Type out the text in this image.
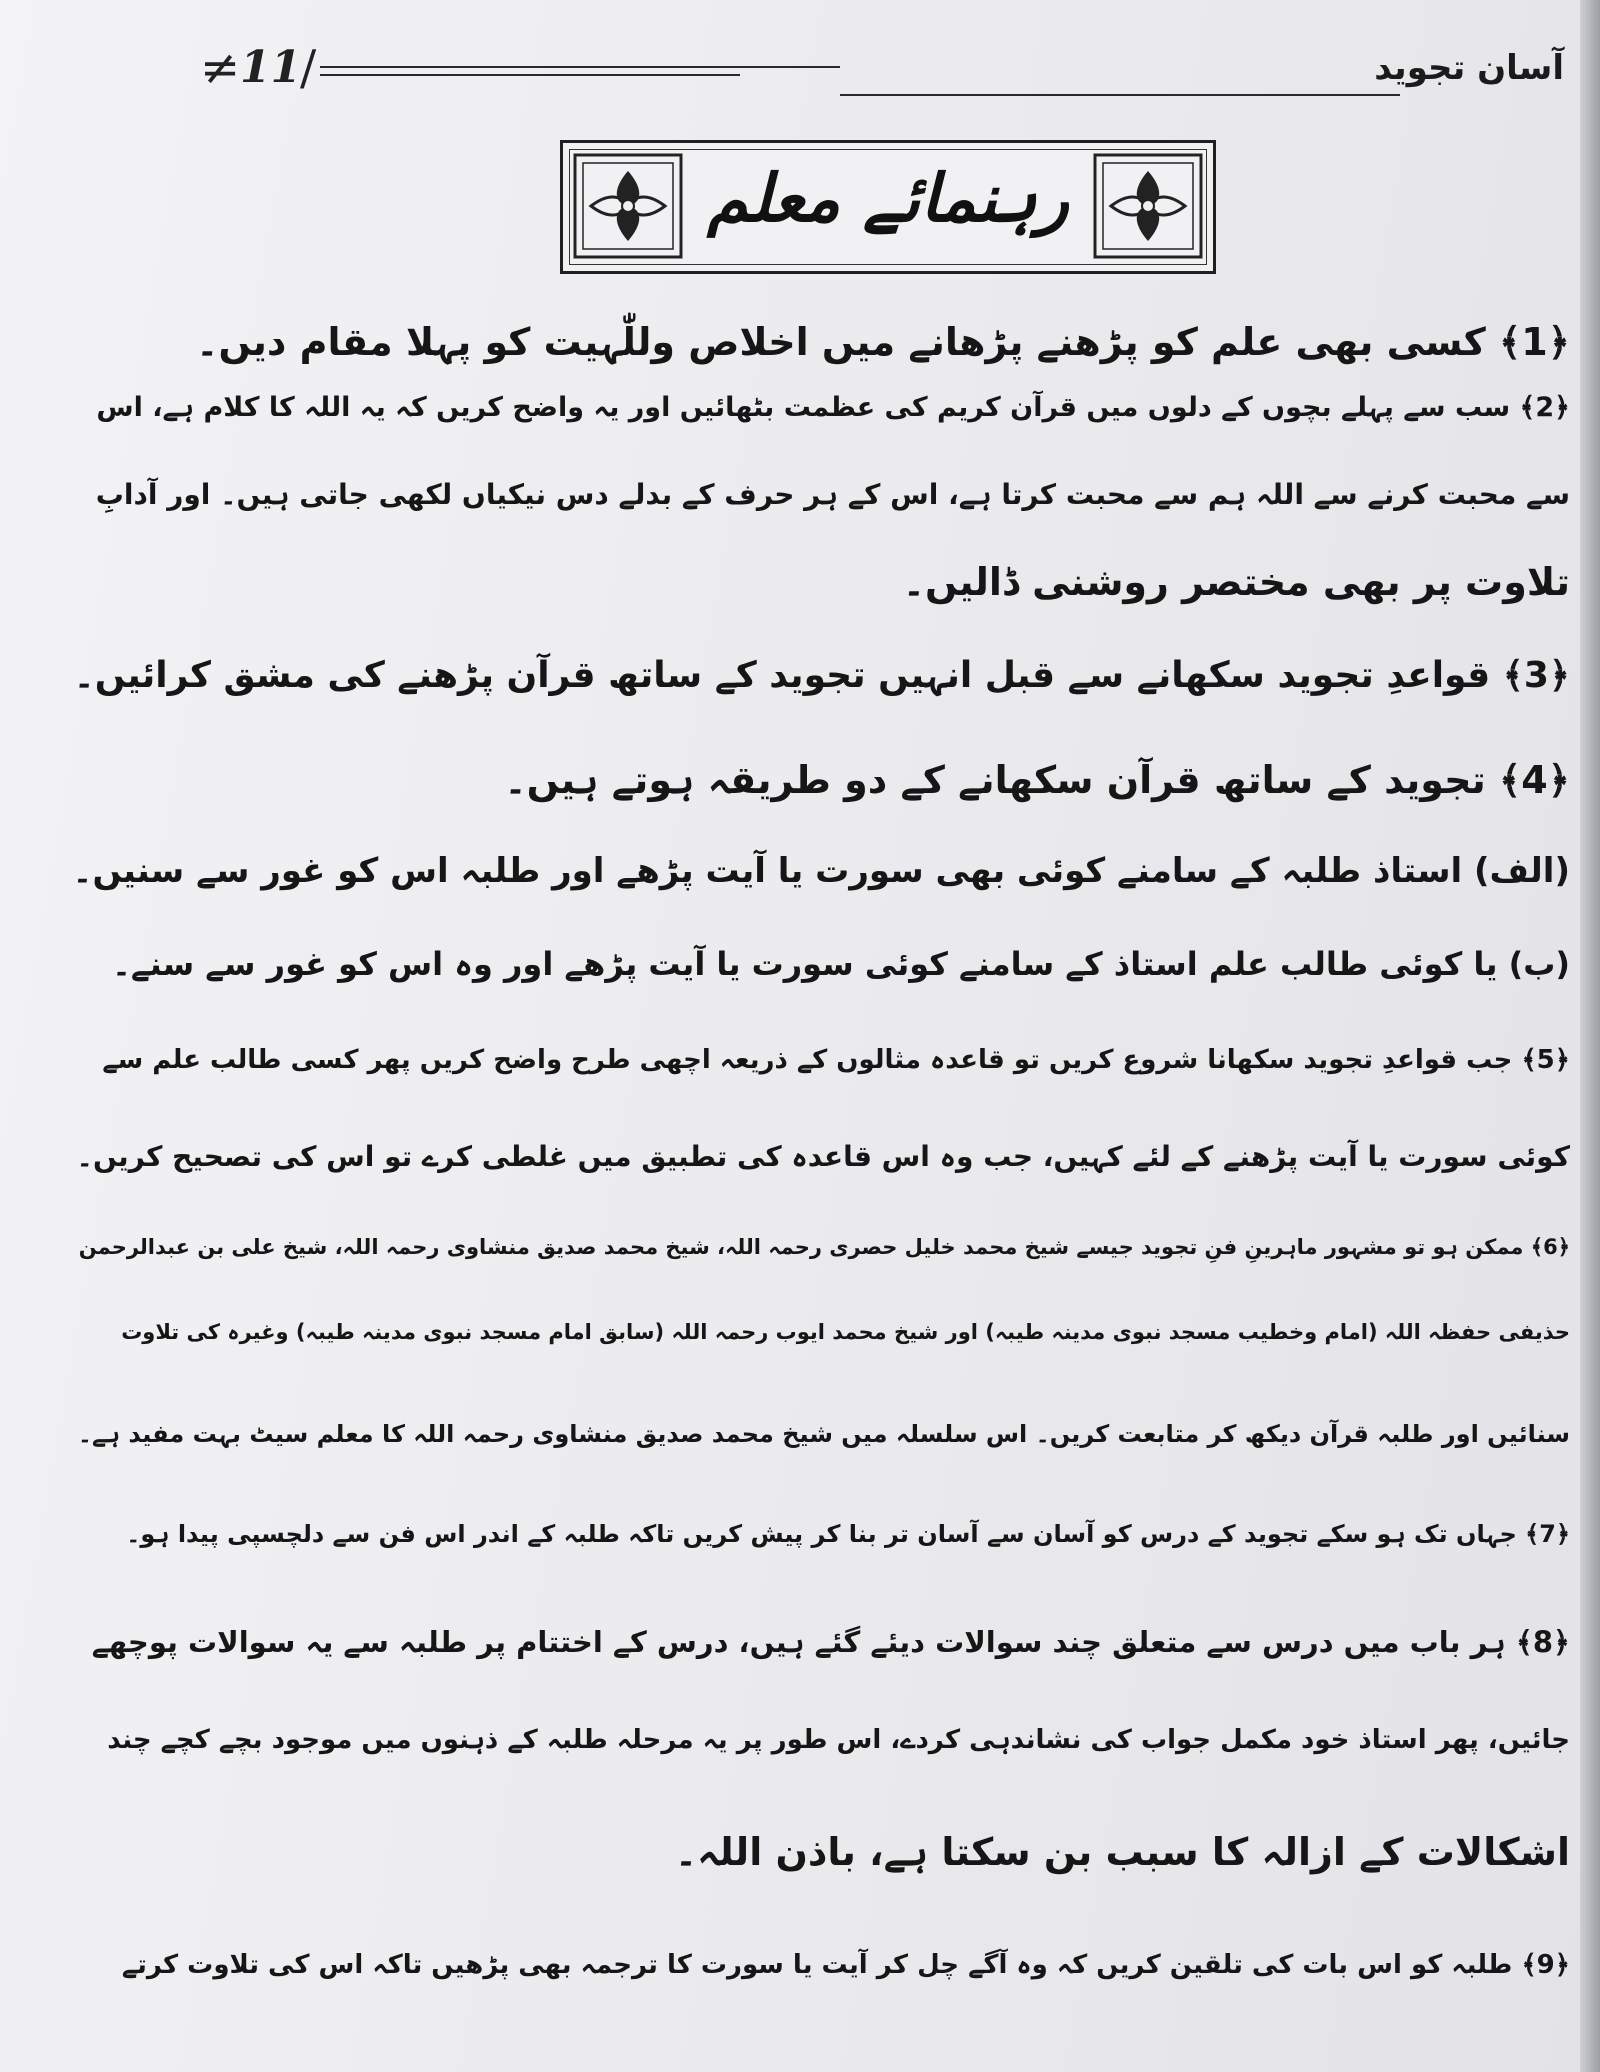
≠ 11
/	آسان تجوید
رہنمائے معلم
﴿1﴾ کسی بھی علم کو پڑھنے پڑھانے میں اخلاص وللّٰہیت کو پہلا مقام دیں۔
﴿2﴾ سب سے پہلے بچوں کے دلوں میں قرآن کریم کی عظمت بٹھائیں اور یہ واضح کریں کہ یہ اللہ کا کلام ہے، اس
سے محبت کرنے سے اللہ ہم سے محبت کرتا ہے، اس کے ہر حرف کے بدلے دس نیکیاں لکھی جاتی ہیں۔ اور آدابِ
تلاوت پر بھی مختصر روشنی ڈالیں۔
﴿3﴾ قواعدِ تجوید سکھانے سے قبل انہیں تجوید کے ساتھ قرآن پڑھنے کی مشق کرائیں۔
﴿4﴾ تجوید کے ساتھ قرآن سکھانے کے دو طریقہ ہوتے ہیں۔
(الف) استاذ طلبہ کے سامنے کوئی بھی سورت یا آیت پڑھے اور طلبہ اس کو غور سے سنیں۔
(ب) یا کوئی طالب علم استاذ کے سامنے کوئی سورت یا آیت پڑھے اور وہ اس کو غور سے سنے۔
﴿5﴾ جب قواعدِ تجوید سکھانا شروع کریں تو قاعدہ مثالوں کے ذریعہ اچھی طرح واضح کریں پھر کسی طالب علم سے
کوئی سورت یا آیت پڑھنے کے لئے کہیں، جب وہ اس قاعدہ کی تطبیق میں غلطی کرے تو اس کی تصحیح کریں۔
﴿6﴾ ممکن ہو تو مشہور ماہرینِ فنِ تجوید جیسے شیخ محمد خلیل حصری رحمہ اللہ، شیخ محمد صدیق منشاوی رحمہ اللہ، شیخ علی بن عبدالرحمن
حذیفی حفظہ اللہ (امام وخطیب مسجد نبوی مدینہ طیبہ) اور شیخ محمد ایوب رحمہ اللہ (سابق امام مسجد نبوی مدینہ طیبہ) وغیرہ کی تلاوت
سنائیں اور طلبہ قرآن دیکھ کر متابعت کریں۔ اس سلسلہ میں شیخ محمد صدیق منشاوی رحمہ اللہ کا معلم سیٹ بہت مفید ہے۔
﴿7﴾ جہاں تک ہو سکے تجوید کے درس کو آسان سے آسان تر بنا کر پیش کریں تاکہ طلبہ کے اندر اس فن سے دلچسپی پیدا ہو۔
﴿8﴾ ہر باب میں درس سے متعلق چند سوالات دیئے گئے ہیں، درس کے اختتام پر طلبہ سے یہ سوالات پوچھے
جائیں، پھر استاذ خود مکمل جواب کی نشاندہی کردے، اس طور پر یہ مرحلہ طلبہ کے ذہنوں میں موجود بچے کچے چند
اشکالات کے ازالہ کا سبب بن سکتا ہے، باذن اللہ۔
﴿9﴾ طلبہ کو اس بات کی تلقین کریں کہ وہ آگے چل کر آیت یا سورت کا ترجمہ بھی پڑھیں تاکہ اس کی تلاوت کرتے
